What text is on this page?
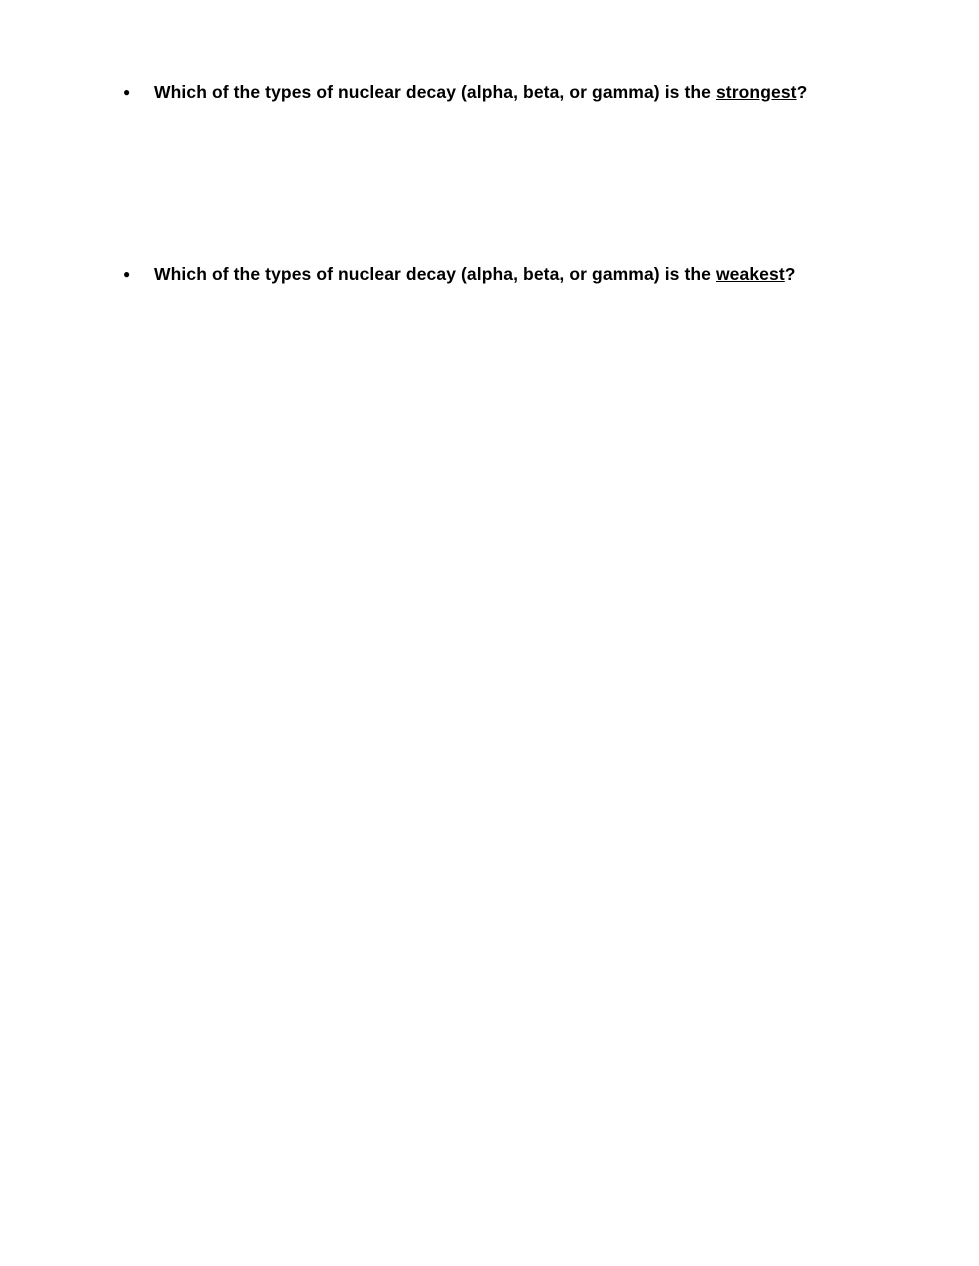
● Which of the types of nuclear decay (alpha, beta, or gamma) is the strongest?
● Which of the types of nuclear decay (alpha, beta, or gamma) is the weakest?
